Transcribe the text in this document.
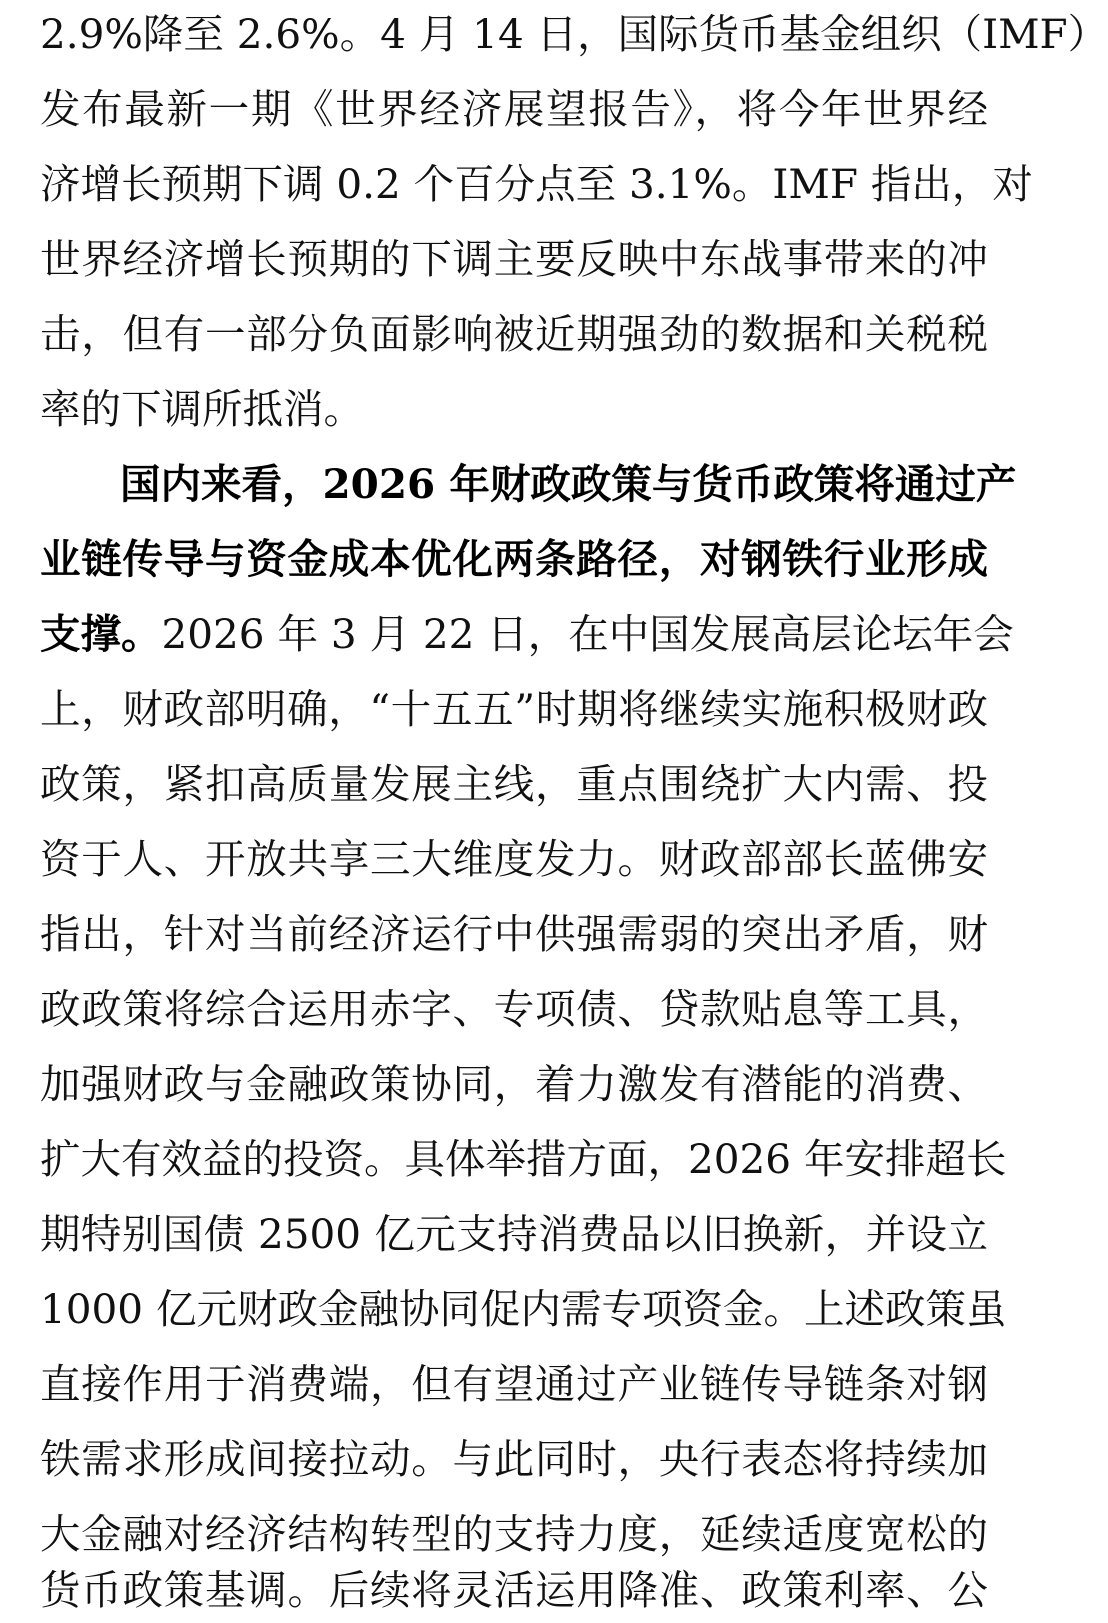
2.9%降至 2.6%。4 月 14 日，国际货币基金组织（IMF）
发布最新一期《世界经济展望报告》，将今年世界经
济增长预期下调 0.2 个百分点至 3.1%。IMF 指出，对
世界经济增长预期的下调主要反映中东战事带来的冲
击，但有一部分负面影响被近期强劲的数据和关税税
率的下调所抵消。
国内来看，2026 年财政政策与货币政策将通过产
业链传导与资金成本优化两条路径，对钢铁行业形成
支撑。2026 年 3 月 22 日，在中国发展高层论坛年会
上，财政部明确，“十五五”时期将继续实施积极财政
政策，紧扣高质量发展主线，重点围绕扩大内需、投
资于人、开放共享三大维度发力。财政部部长蓝佛安
指出，针对当前经济运行中供强需弱的突出矛盾，财
政政策将综合运用赤字、专项债、贷款贴息等工具，
加强财政与金融政策协同，着力激发有潜能的消费、
扩大有效益的投资。具体举措方面，2026 年安排超长
期特别国债 2500 亿元支持消费品以旧换新，并设立
1000 亿元财政金融协同促内需专项资金。上述政策虽
直接作用于消费端，但有望通过产业链传导链条对钢
铁需求形成间接拉动。与此同时，央行表态将持续加
大金融对经济结构转型的支持力度，延续适度宽松的
货币政策基调。后续将灵活运用降准、政策利率、公
